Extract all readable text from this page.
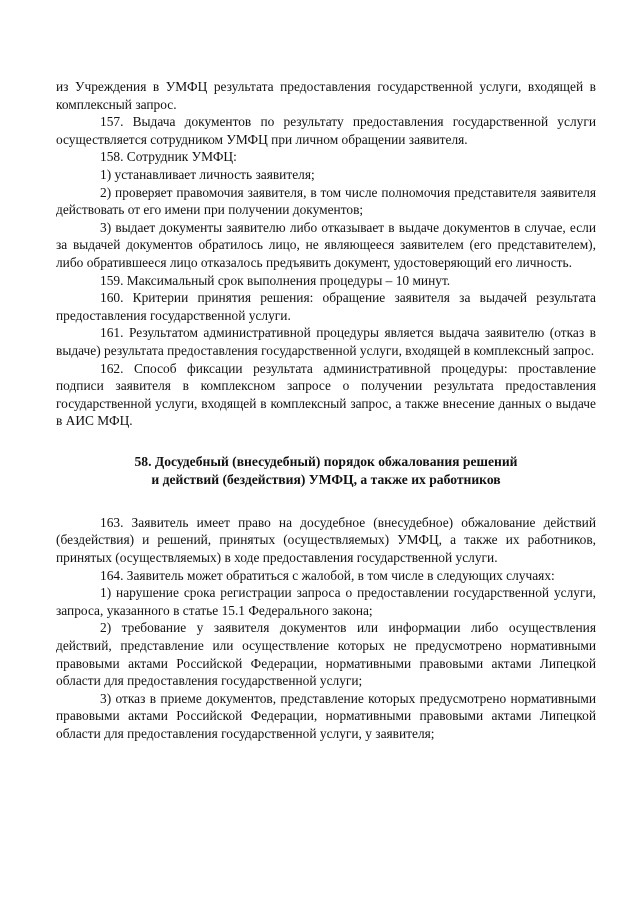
из Учреждения в УМФЦ результата предоставления государственной услуги, входящей в комплексный запрос.

157. Выдача документов по результату предоставления государственной услуги осуществляется сотрудником УМФЦ при личном обращении заявителя.

158. Сотрудник УМФЦ:

1) устанавливает личность заявителя;

2) проверяет правомочия заявителя, в том числе полномочия представителя заявителя действовать от его имени при получении документов;

3) выдает документы заявителю либо отказывает в выдаче документов в случае, если за выдачей документов обратилось лицо, не являющееся заявителем (его представителем), либо обратившееся лицо отказалось предъявить документ, удостоверяющий его личность.

159. Максимальный срок выполнения процедуры – 10 минут.

160. Критерии принятия решения: обращение заявителя за выдачей результата предоставления государственной услуги.

161. Результатом административной процедуры является выдача заявителю (отказ в выдаче) результата предоставления государственной услуги, входящей в комплексный запрос.

162. Способ фиксации результата административной процедуры: проставление подписи заявителя в комплексном запросе о получении результата предоставления государственной услуги, входящей в комплексный запрос, а также внесение данных о выдаче в АИС МФЦ.

58. Досудебный (внесудебный) порядок обжалования решений
и действий (бездействия) УМФЦ, а также их работников

163. Заявитель имеет право на досудебное (внесудебное) обжалование действий (бездействия) и решений, принятых (осуществляемых) УМФЦ, а также их работников, принятых (осуществляемых) в ходе предоставления государственной услуги.

164. Заявитель может обратиться с жалобой, в том числе в следующих случаях:

1) нарушение срока регистрации запроса о предоставлении государственной услуги, запроса, указанного в статье 15.1 Федерального закона;

2) требование у заявителя документов или информации либо осуществления действий, представление или осуществление которых не предусмотрено нормативными правовыми актами Российской Федерации, нормативными правовыми актами Липецкой области для предоставления государственной услуги;

3) отказ в приеме документов, представление которых предусмотрено нормативными правовыми актами Российской Федерации, нормативными правовыми актами Липецкой области для предоставления государственной услуги, у заявителя;
